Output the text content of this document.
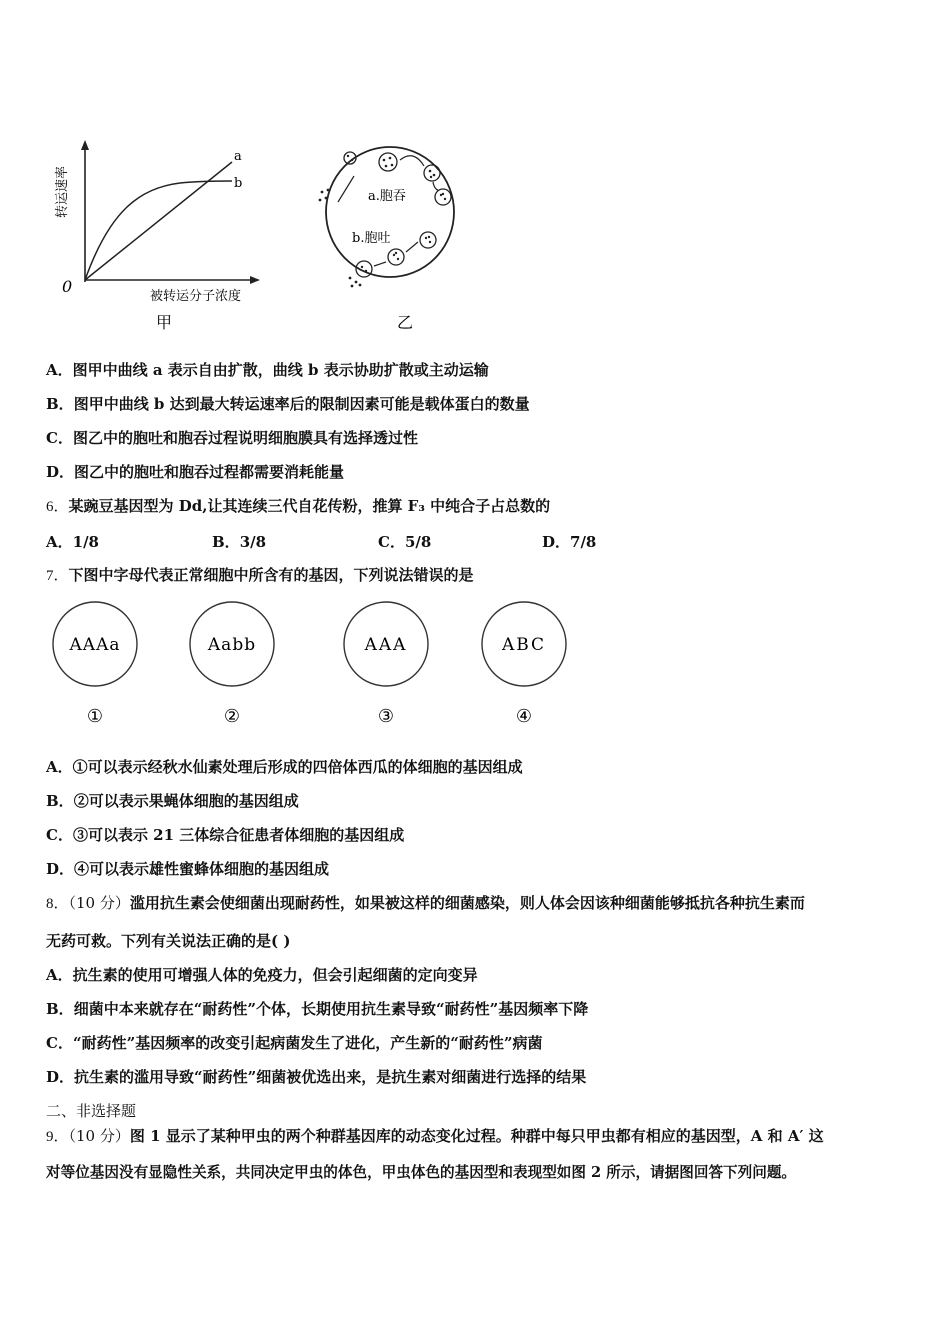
a
b
0
被转运分子浓度
转运速率
甲
a.胞吞
b.胞吐
乙
A．图甲中曲线 a 表示自由扩散，曲线 b 表示协助扩散或主动运输
B．图甲中曲线 b 达到最大转运速率后的限制因素可能是载体蛋白的数量
C．图乙中的胞吐和胞吞过程说明细胞膜具有选择透过性
D．图乙中的胞吐和胞吞过程都需要消耗能量
6．某豌豆基因型为 Dd,让其连续三代自花传粉，推算 F₃ 中纯合子占总数的
A．1/8	B．3/8	C．5/8	D．7/8
7．下图中字母代表正常细胞中所含有的基因，下列说法错误的是
AAAa
①
Aabb
②
AAA
③
ABC
④
A．①可以表示经秋水仙素处理后形成的四倍体西瓜的体细胞的基因组成
B．②可以表示果蝇体细胞的基因组成
C．③可以表示 21 三体综合征患者体细胞的基因组成
D．④可以表示雄性蜜蜂体细胞的基因组成
8．（10 分）滥用抗生素会使细菌出现耐药性，如果被这样的细菌感染，则人体会因该种细菌能够抵抗各种抗生素而
无药可救。下列有关说法正确的是( )
A．抗生素的使用可增强人体的免疫力，但会引起细菌的定向变异
B．细菌中本来就存在“耐药性”个体，长期使用抗生素导致“耐药性”基因频率下降
C．“耐药性”基因频率的改变引起病菌发生了进化，产生新的“耐药性”病菌
D．抗生素的滥用导致“耐药性”细菌被优选出来，是抗生素对细菌进行选择的结果
二、非选择题
9．（10 分）图 1 显示了某种甲虫的两个种群基因库的动态变化过程。种群中每只甲虫都有相应的基因型，A 和 A′ 这
对等位基因没有显隐性关系，共同决定甲虫的体色，甲虫体色的基因型和表现型如图 2 所示，请据图回答下列问题。
